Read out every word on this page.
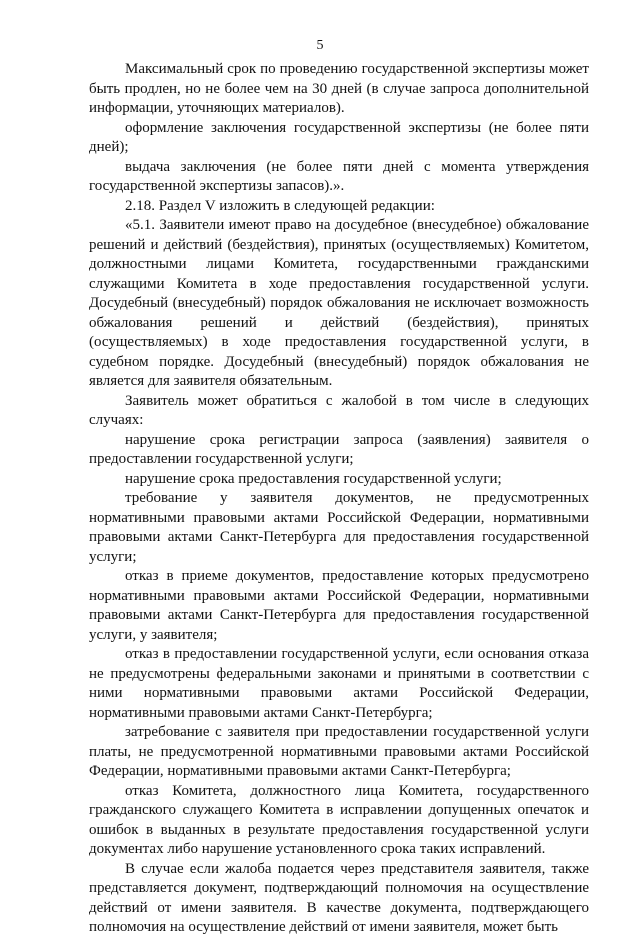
5

Максимальный срок по проведению государственной экспертизы может быть продлен, но не более чем на 30 дней (в случае запроса дополнительной информации, уточняющих материалов).

оформление заключения государственной экспертизы (не более пяти дней);

выдача заключения (не более пяти дней с момента утверждения государственной экспертизы запасов).».

2.18. Раздел V изложить в следующей редакции:

«5.1. Заявители имеют право на досудебное (внесудебное) обжалование решений и действий (бездействия), принятых (осуществляемых) Комитетом, должностными лицами Комитета, государственными гражданскими служащими Комитета в ходе предоставления государственной услуги. Досудебный (внесудебный) порядок обжалования не исключает возможность обжалования решений и действий (бездействия), принятых (осуществляемых) в ходе предоставления государственной услуги, в судебном порядке. Досудебный (внесудебный) порядок обжалования не является для заявителя обязательным.

Заявитель может обратиться с жалобой в том числе в следующих случаях:

нарушение срока регистрации запроса (заявления) заявителя о предоставлении государственной услуги;

нарушение срока предоставления государственной услуги;

требование у заявителя документов, не предусмотренных нормативными правовыми актами Российской Федерации, нормативными правовыми актами Санкт-Петербурга для предоставления государственной услуги;

отказ в приеме документов, предоставление которых предусмотрено нормативными правовыми актами Российской Федерации, нормативными правовыми актами Санкт-Петербурга для предоставления государственной услуги, у заявителя;

отказ в предоставлении государственной услуги, если основания отказа не предусмотрены федеральными законами и принятыми в соответствии с ними нормативными правовыми актами Российской Федерации, нормативными правовыми актами Санкт-Петербурга;

затребование с заявителя при предоставлении государственной услуги платы, не предусмотренной нормативными правовыми актами Российской Федерации, нормативными правовыми актами Санкт-Петербурга;

отказ Комитета, должностного лица Комитета, государственного гражданского служащего Комитета в исправлении допущенных опечаток и ошибок в выданных в результате предоставления государственной услуги документах либо нарушение установленного срока таких исправлений.

В случае если жалоба подается через представителя заявителя, также представляется документ, подтверждающий полномочия на осуществление действий от имени заявителя. В качестве документа, подтверждающего полномочия на осуществление действий от имени заявителя, может быть
